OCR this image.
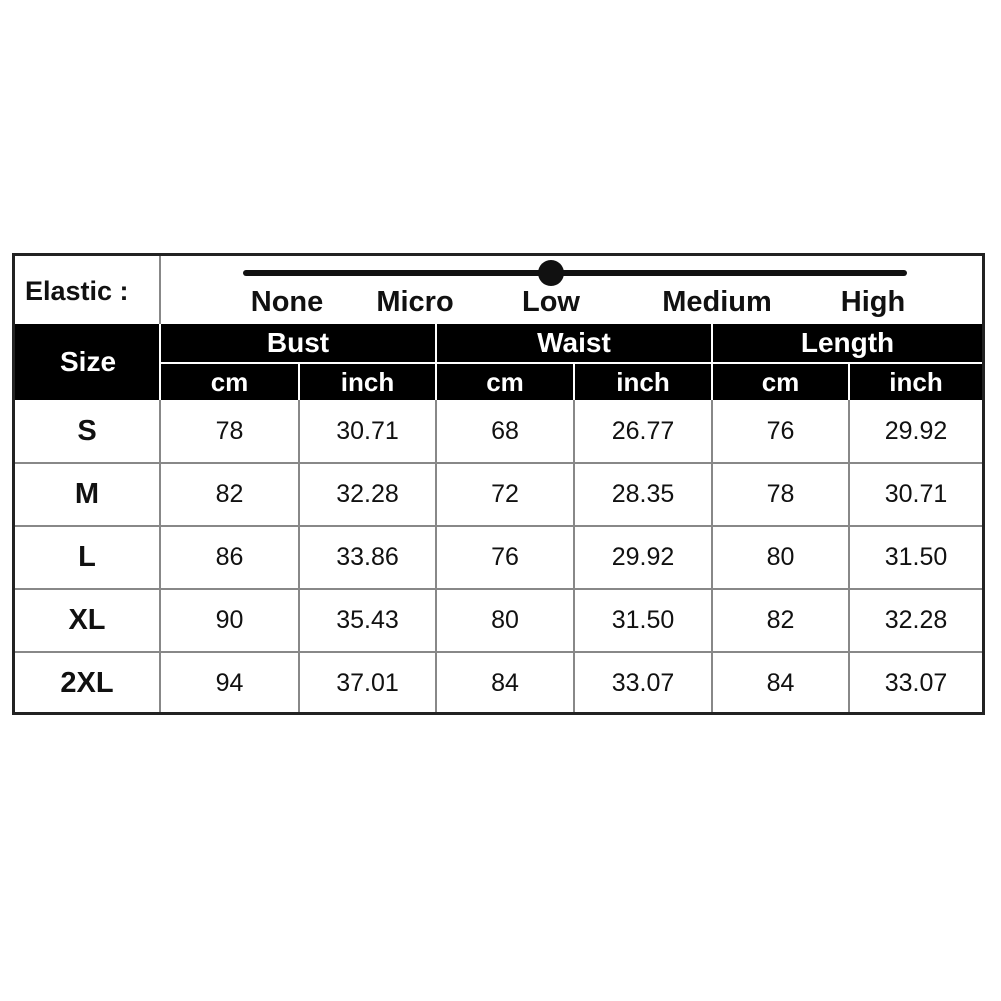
Elastic :	None Micro Low	Medium High
Size
Bust	Waist	Length
cm	inch	cm	inch	cm	inch
S	78	30.71	68	26.77	76	29.92
M	82	32.28	72	28.35	78	30.71
L	86	33.86	76	29.92	80	31.50
XL	90	35.43	80	31.50	82	32.28
2XL	94	37.01	84	33.07	84	33.07
